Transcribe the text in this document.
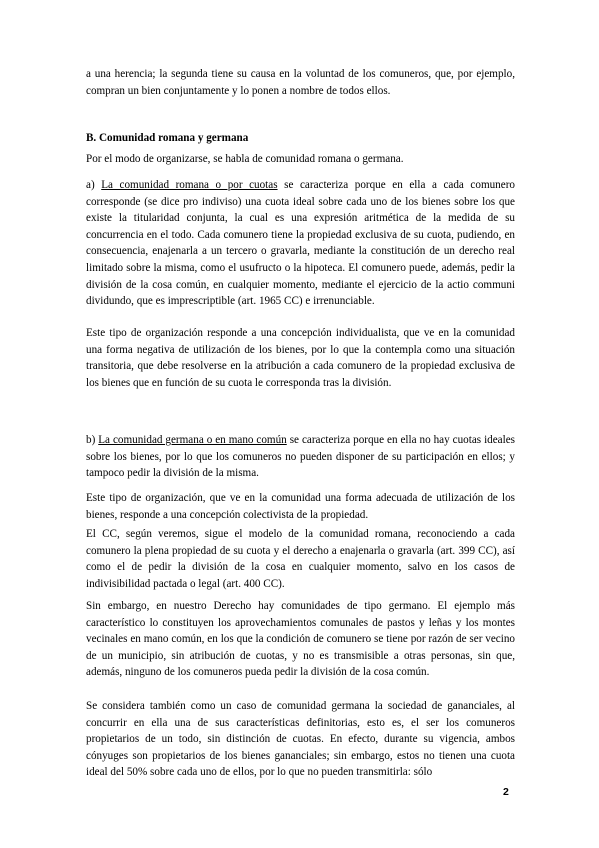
a una herencia; la segunda tiene su causa en la voluntad de los comuneros, que, por ejemplo, compran un bien conjuntamente y lo ponen a nombre de todos ellos.

B. Comunidad romana y germana

Por el modo de organizarse, se habla de comunidad romana o germana.

a) La comunidad romana o por cuotas se caracteriza porque en ella a cada comunero corresponde (se dice pro indiviso) una cuota ideal sobre cada uno de los bienes sobre los que existe la titularidad conjunta, la cual es una expresión aritmética de la medida de su concurrencia en el todo. Cada comunero tiene la propiedad exclusiva de su cuota, pudiendo, en consecuencia, enajenarla a un tercero o gravarla, mediante la constitución de un derecho real limitado sobre la misma, como el usufructo o la hipoteca. El comunero puede, además, pedir la división de la cosa común, en cualquier momento, mediante el ejercicio de la actio communi dividundo, que es imprescriptible (art. 1965 CC) e irrenunciable.

Este tipo de organización responde a una concepción individualista, que ve en la comunidad una forma negativa de utilización de los bienes, por lo que la contempla como una situación transitoria, que debe resolverse en la atribución a cada comunero de la propiedad exclusiva de los bienes que en función de su cuota le corresponda tras la división.

b) La comunidad germana o en mano común se caracteriza porque en ella no hay cuotas ideales sobre los bienes, por lo que los comuneros no pueden disponer de su participación en ellos; y tampoco pedir la división de la misma.

Este tipo de organización, que ve en la comunidad una forma adecuada de utilización de los bienes, responde a una concepción colectivista de la propiedad.

El CC, según veremos, sigue el modelo de la comunidad romana, reconociendo a cada comunero la plena propiedad de su cuota y el derecho a enajenarla o gravarla (art. 399 CC), así como el de pedir la división de la cosa en cualquier momento, salvo en los casos de indivisibilidad pactada o legal (art. 400 CC).

Sin embargo, en nuestro Derecho hay comunidades de tipo germano. El ejemplo más característico lo constituyen los aprovechamientos comunales de pastos y leñas y los montes vecinales en mano común, en los que la condición de comunero se tiene por razón de ser vecino de un municipio, sin atribución de cuotas, y no es transmisible a otras personas, sin que, además, ninguno de los comuneros pueda pedir la división de la cosa común.

Se considera también como un caso de comunidad germana la sociedad de gananciales, al concurrir en ella una de sus características definitorias, esto es, el ser los comuneros propietarios de un todo, sin distinción de cuotas. En efecto, durante su vigencia, ambos cónyuges son propietarios de los bienes gananciales; sin embargo, estos no tienen una cuota ideal del 50% sobre cada uno de ellos, por lo que no pueden transmitirla: sólo

2
